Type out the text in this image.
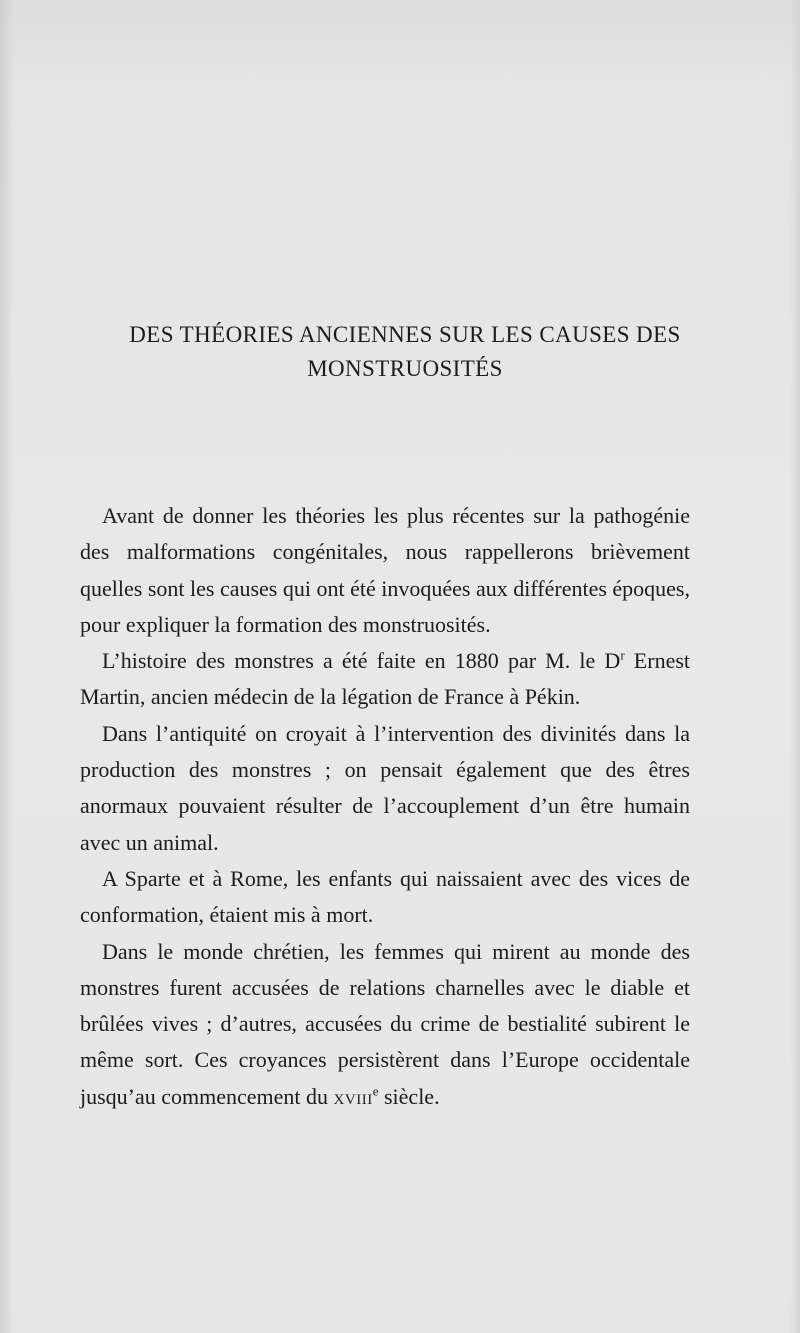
DES THÉORIES ANCIENNES SUR LES CAUSES DES
MONSTRUOSITÉS

Avant de donner les théories les plus récentes sur la pathogénie des malformations congénitales, nous rappellerons brièvement quelles sont les causes qui ont été invoquées aux différentes époques, pour expliquer la formation des monstruosités.

L’histoire des monstres a été faite en 1880 par M. le $D^r$ Ernest Martin, ancien médecin de la légation de France à Pékin.

Dans l’antiquité on croyait à l’intervention des divinités dans la production des monstres ; on pensait également que des êtres anormaux pouvaient résulter de l’accouplement d’un être humain avec un animal.

A Sparte et à Rome, les enfants qui naissaient avec des vices de conformation, étaient mis à mort.

Dans le monde chrétien, les femmes qui mirent au monde des monstres furent accusées de relations charnelles avec le diable et brûlées vives ; d’autres, accusées du crime de bestialité subirent le même sort. Ces croyances persistèrent dans l’Europe occidentale jusqu’au commencement du xviii$^e$ siècle.
